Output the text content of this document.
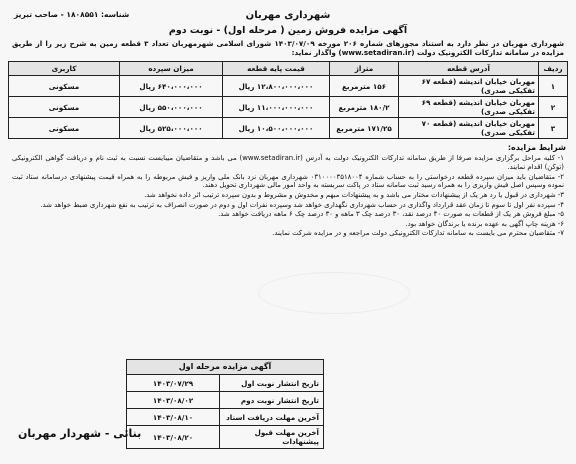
شناسه: ۱۸۰۸۵۵۱ - صاحب تبریز	شهرداری مهربان
آگهی مزایده فروش زمین ( مرحله اول) - نوبت دوم
شهرداری مهربان در نظر دارد به استناد مجوزهای شماره ۲۰۶ مورخه ۱۴۰۳/۰۷/۰۹ شورای اسلامی شهرمهربان تعداد ۳ قطعه زمین به شرح زیر را از طریق مزایده در سامانه تدارکات الکترونیک دولت (www.setadiran.ir) واگذار نماید:
ردیف	آدرس قطعه	متراژ	قیمت پایه قطعه	میزان سپرده	کاربری
۱	مهربان خیابان اندیشه (قطعه ۶۷ تفکیکی صدری)	۱۵۶ مترمربع	۱۲،۸۰۰،۰۰۰،۰۰۰ ریال	۶۴۰،۰۰۰،۰۰۰ ریال	مسکونی
۲	مهربان خیابان اندیشه (قطعه ۶۹ تفکیکی صدری)	۱۸۰/۲ مترمربع	۱۱،۰۰۰،۰۰۰،۰۰۰ ریال	۵۵۰،۰۰۰،۰۰۰ ریال	مسکونی
۳	مهربان خیابان اندیشه (قطعه ۷۰ تفکیکی صدری)	۱۷۱/۲۵ مترمربع	۱۰،۵۰۰،۰۰۰،۰۰۰ ریال	۵۲۵،۰۰۰،۰۰۰ ریال	مسکونی
شرایط مزایده:
۱- کلیه مراحل برگزاری مزایده صرفا از طریق سامانه تدارکات الکترونیک دولت به آدرس (www.setadiran.ir) می باشد و متقاضیان میبایست نسبت به ثبت نام و دریافت گواهی الکترونیکی (توکن) اقدام نمایند.
۲- متقاضیان باید میزان سپرده قطعه درخواستی را به حساب شماره ۰۳۱۰۰۰۰۳۵۱۸۰۰۴ شهرداری مهربان نزد بانک ملی واریز و فیش مربوطه را به همراه قیمت پیشنهادی درسامانه ستاد ثبت نموده وسپس اصل فیش واریزی را به همراه رسید ثبت سامانه ستاد در پاکت سربسته به واحد امور مالی شهرداری تحویل دهند.
۳- شهرداری در قبول یا رد هر یک از پیشنهادات مختار می باشد و به پیشنهادات مبهم و مخدوش و مشروط و بدون سپرده ترتیب اثر داده نخواهد شد.
۴- سپرده نفر اول تا سوم تا زمان عقد قرارداد واگذاری در حساب شهرداری نگهداری خواهد شد وسپرده نفرات اول و دوم در صورت انصراف به ترتیب به نفع شهرداری ضبط خواهد شد.
۵- مبلغ فروش هر یک از قطعات به صورت ۴۰ درصد نقد، ۳۰ درصد چک ۳ ماهه و ۳۰ درصد چک ۶ ماهه دریافت خواهد شد.
۶- هزینه چاپ آگهی به عهده برنده یا برندگان خواهد بود.
۷- متقاضیان محترم می بایست به سامانه تدارکات الکترونیکی دولت مراجعه و در مزایده شرکت نمایند.
آگهی مزایده مرحله اول	
تاریخ انتشار نوبت اول	۱۴۰۳/۰۷/۲۹
تاریخ انتشار نوبت دوم	۱۴۰۳/۰۸/۰۲
آخرین مهلت دریافت اسناد	۱۴۰۳/۰۸/۱۰
آخرین مهلت قبول پیشنهادات	۱۴۰۳/۰۸/۲۰
بنائی - شهردار مهربان
